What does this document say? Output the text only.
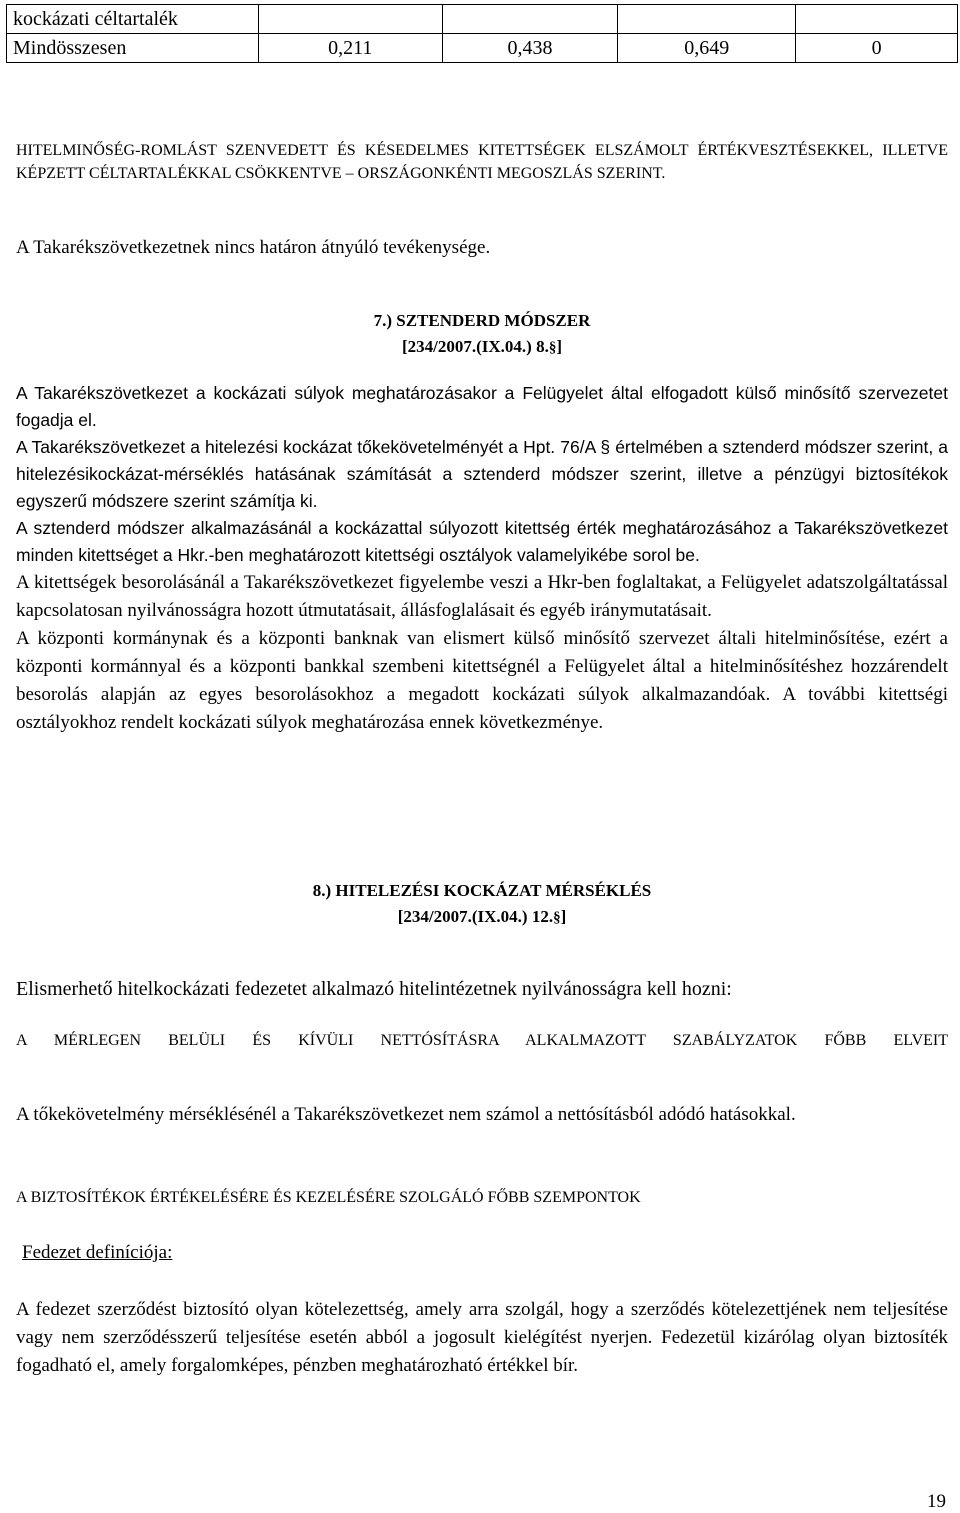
kockázati céltartalék				
Mindösszesen	0,211	0,438	0,649	0
HITELMINŐSÉG-ROMLÁST SZENVEDETT ÉS KÉSEDELMES KITETTSÉGEK ELSZÁMOLT ÉRTÉKVESZTÉSEKKEL, ILLETVE KÉPZETT CÉLTARTALÉKKAL CSÖKKENTVE – ORSZÁGONKÉNTI MEGOSZLÁS SZERINT.
A Takarékszövetkezetnek nincs határon átnyúló tevékenysége.
7.) SZTENDERD MÓDSZER
[234/2007.(IX.04.) 8.§]
A Takarékszövetkezet a kockázati súlyok meghatározásakor a Felügyelet által elfogadott külső minősítő szervezetet fogadja el.
A Takarékszövetkezet a hitelezési kockázat tőkekövetelményét a Hpt. 76/A § értelmében a sztenderd módszer szerint, a hitelezésikockázat-mérséklés hatásának számítását a sztenderd módszer szerint, illetve a pénzügyi biztosítékok egyszerű módszere szerint számítja ki.
A sztenderd módszer alkalmazásánál a kockázattal súlyozott kitettség érték meghatározásához a Takarékszövetkezet minden kitettséget a Hkr.-ben meghatározott kitettségi osztályok valamelyikébe sorol be.
A kitettségek besorolásánál a Takarékszövetkezet figyelembe veszi a Hkr-ben foglaltakat, a Felügyelet adatszolgáltatással kapcsolatosan nyilvánosságra hozott útmutatásait, állásfoglalásait és egyéb iránymutatásait.
A központi kormánynak és a központi banknak van elismert külső minősítő szervezet általi hitelminősítése, ezért a központi kormánnyal és a központi bankkal szembeni kitettségnél a Felügyelet által a hitelminősítéshez hozzárendelt besorolás alapján az egyes besorolásokhoz a megadott kockázati súlyok alkalmazandóak. A további kitettségi osztályokhoz rendelt kockázati súlyok meghatározása ennek következménye.
8.) HITELEZÉSI KOCKÁZAT MÉRSÉKLÉS
[234/2007.(IX.04.) 12.§]
Elismerhető hitelkockázati fedezetet alkalmazó hitelintézetnek nyilvánosságra kell hozni:
A MÉRLEGEN BELÜLI ÉS KÍVÜLI NETTÓSÍTÁSRA ALKALMAZOTT SZABÁLYZATOK FŐBB ELVEIT
A tőkekövetelmény mérséklésénél a Takarékszövetkezet nem számol a nettósításból adódó hatásokkal.
A BIZTOSÍTÉKOK ÉRTÉKELÉSÉRE ÉS KEZELÉSÉRE SZOLGÁLÓ FŐBB SZEMPONTOK
Fedezet definíciója:
A fedezet szerződést biztosító olyan kötelezettség, amely arra szolgál, hogy a szerződés kötelezettjének nem teljesítése vagy nem szerződésszerű teljesítése esetén abból a jogosult kielégítést nyerjen. Fedezetül kizárólag olyan biztosíték fogadható el, amely forgalomképes, pénzben meghatározható értékkel bír.
19
